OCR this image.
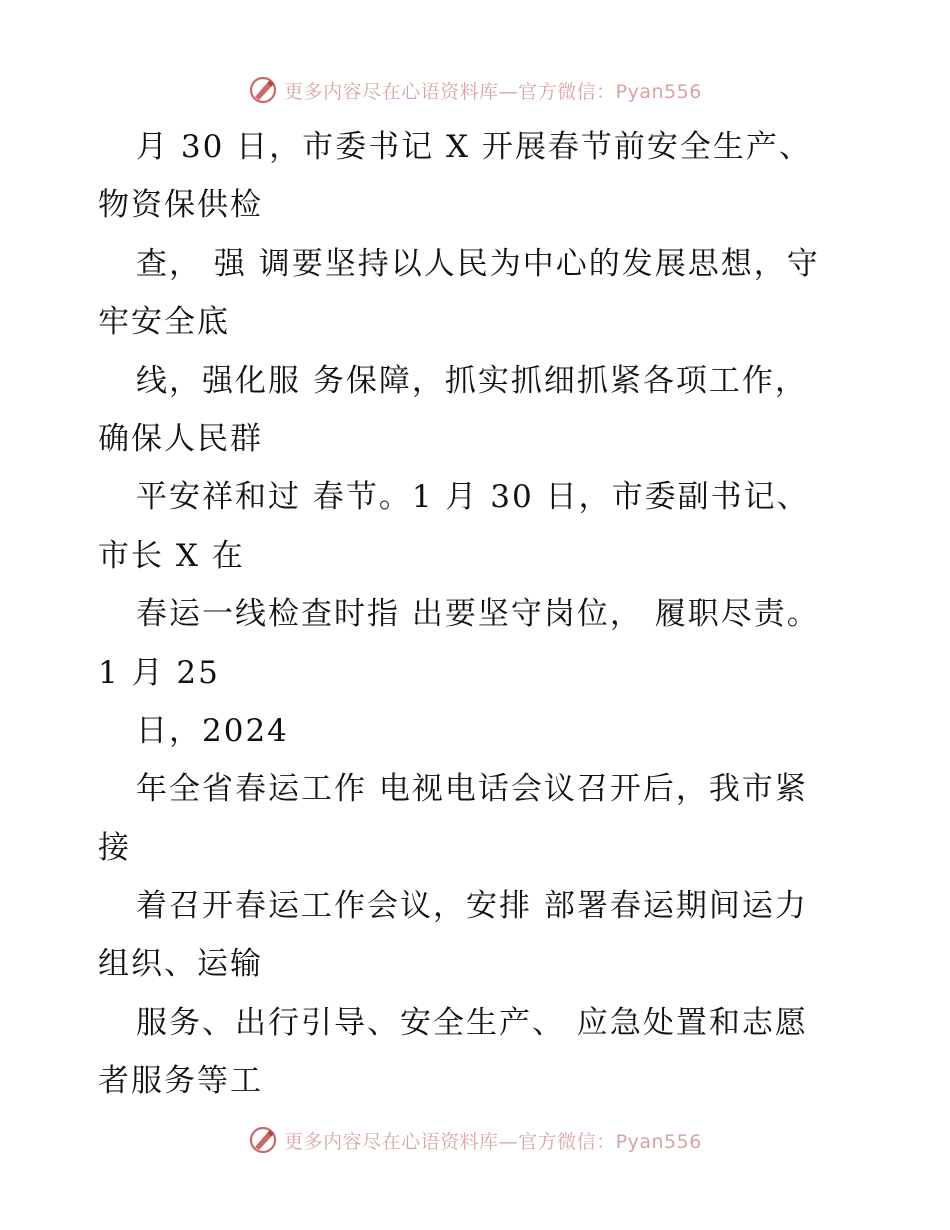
更多内容尽在心语资料库—官方微信：Pyan556
月 30 日，市委书记 X 开展春节前安全生产、
物资保供检
查， 强 调要坚持以人民为中心的发展思想，守
牢安全底
线，强化服 务保障，抓实抓细抓紧各项工作，
确保人民群
平安祥和过 春节。1 月 30 日，市委副书记、
市长 X 在
春运一线检查时指 出要坚守岗位， 履职尽责。
1 月 25
日，2024
年全省春运工作 电视电话会议召开后，我市紧
接
着召开春运工作会议，安排 部署春运期间运力
组织、运输
服务、出行引导、安全生产、 应急处置和志愿
者服务等工
更多内容尽在心语资料库—官方微信：Pyan556
